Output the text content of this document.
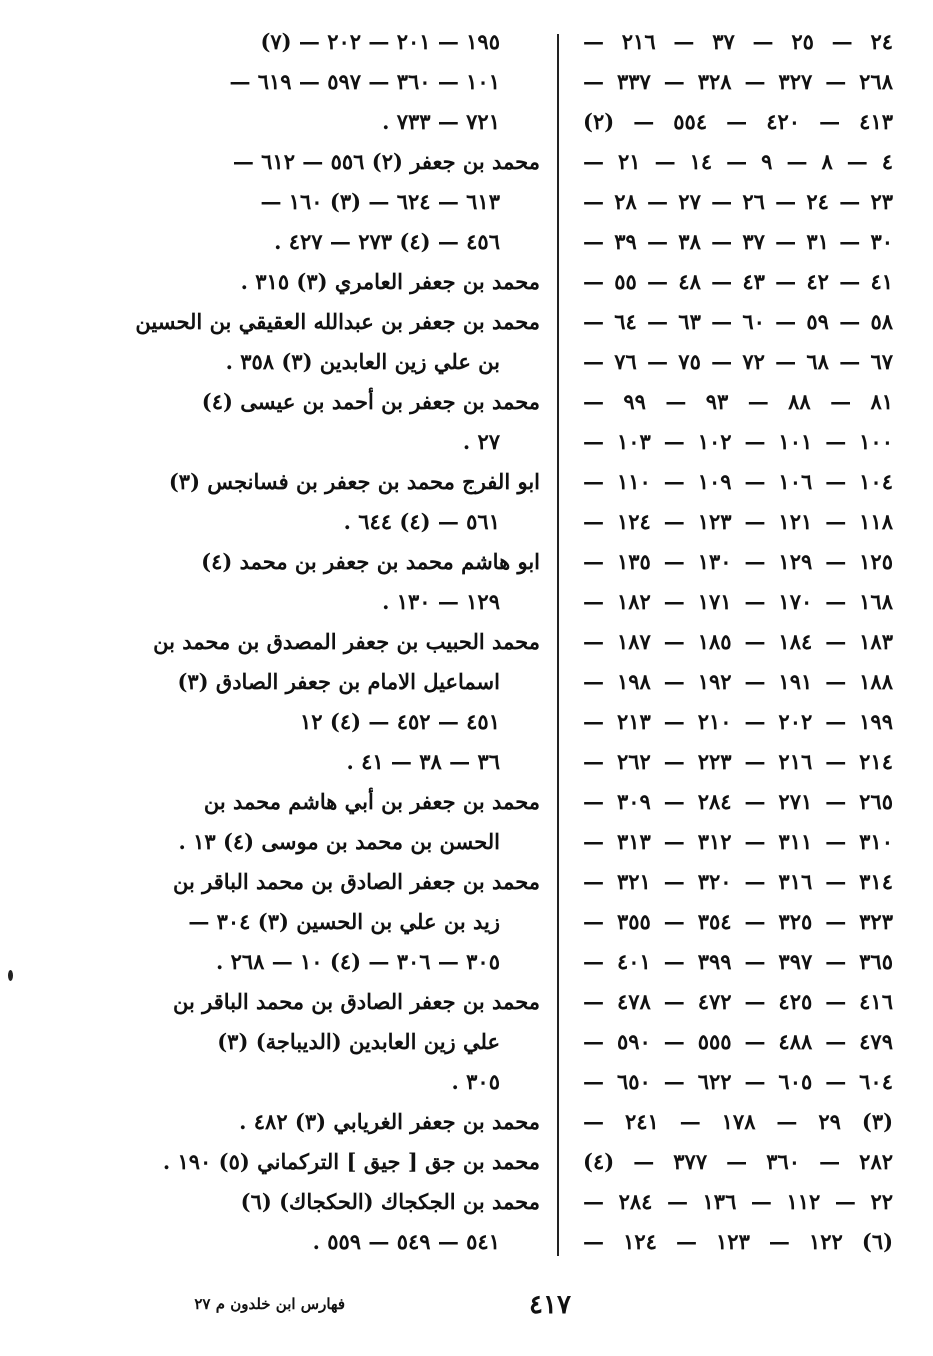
٢٤ — ٢٥ — ٣٧ — ٢١٦ —
٢٦٨ — ٣٢٧ — ٣٢٨ — ٣٣٧ —
٤١٣ — ٤٢٠ — ٥٥٤ — (٢)
٤ — ٨ — ٩ — ١٤ — ٢١ —
٢٣ — ٢٤ — ٢٦ — ٢٧ — ٢٨ —
٣٠ — ٣١ — ٣٧ — ٣٨ — ٣٩ —
٤١ — ٤٢ — ٤٣ — ٤٨ — ٥٥ —
٥٨ — ٥٩ — ٦٠ — ٦٣ — ٦٤ —
٦٧ — ٦٨ — ٧٢ — ٧٥ — ٧٦ —
٨١ — ٨٨ — ٩٣ — ٩٩ —
١٠٠ — ١٠١ — ١٠٢ — ١٠٣ —
١٠٤ — ١٠٦ — ١٠٩ — ١١٠ —
١١٨ — ١٢١ — ١٢٣ — ١٢٤ —
١٢٥ — ١٢٩ — ١٣٠ — ١٣٥ —
١٦٨ — ١٧٠ — ١٧١ — ١٨٢ —
١٨٣ — ١٨٤ — ١٨٥ — ١٨٧ —
١٨٨ — ١٩١ — ١٩٢ — ١٩٨ —
١٩٩ — ٢٠٢ — ٢١٠ — ٢١٣ —
٢١٤ — ٢١٦ — ٢٢٣ — ٢٦٢ —
٢٦٥ — ٢٧١ — ٢٨٤ — ٣٠٩ —
٣١٠ — ٣١١ — ٣١٢ — ٣١٣ —
٣١٤ — ٣١٦ — ٣٢٠ — ٣٢١ —
٣٢٣ — ٣٢٥ — ٣٥٤ — ٣٥٥ —
٣٦٥ — ٣٩٧ — ٣٩٩ — ٤٠١ —
٤١٦ — ٤٢٥ — ٤٧٢ — ٤٧٨ —
٤٧٩ — ٤٨٨ — ٥٥٥ — ٥٩٠ —
٦٠٤ — ٦٠٥ — ٦٢٢ — ٦٥٠ —
(٣) ٢٩ — ١٧٨ — ٢٤١ —
٢٨٢ — ٣٦٠ — ٣٧٧ — (٤)
٢٢ — ١١٢ — ١٣٦ — ٢٨٤ —
(٦) ١٢٢ — ١٢٣ — ١٢٤ —
١٩٥ — ٢٠١ — ٢٠٢ — (٧)
١٠١ — ٣٦٠ — ٥٩٧ — ٦١٩ —
٧٢١ — ٧٣٣ .
محمد بن جعفر (٢) ٥٥٦ — ٦١٢ —
٦١٣ — ٦٢٤ — (٣) ١٦٠ —
٤٥٦ — (٤) ٢٧٣ — ٤٢٧ .
محمد بن جعفر العامري (٣) ٣١٥ .
محمد بن جعفر بن عبدالله العقيقي بن الحسين
بن علي زين العابدين (٣) ٣٥٨ .
محمد بن جعفر بن أحمد بن عيسى (٤)
٢٧ .
ابو الفرج محمد بن جعفر بن فسانجس (٣)
٥٦١ — (٤) ٦٤٤ .
ابو هاشم محمد بن جعفر بن محمد (٤)
١٢٩ — ١٣٠ .
محمد الحبيب بن جعفر المصدق بن محمد بن
اسماعيل الامام بن جعفر الصادق (٣)
٤٥١ — ٤٥٢ — (٤) ١٢
٣٦ — ٣٨ — ٤١ .
محمد بن جعفر بن أبي هاشم محمد بن
الحسن بن محمد بن موسى (٤) ١٣ .
محمد بن جعفر الصادق بن محمد الباقر بن
زيد بن علي بن الحسين (٣) ٣٠٤ —
٣٠٥ — ٣٠٦ — (٤) ١٠ — ٢٦٨ .
محمد بن جعفر الصادق بن محمد الباقر بن
علي زين العابدين (الديباجة) (٣)
٣٠٥ .
محمد بن جعفر الغريابي (٣) ٤٨٢ .
محمد بن جق [ جيق ] التركماني (٥) ١٩٠ .
محمد بن الجكجاك (الحكجاك) (٦)
٥٤١ — ٥٤٩ — ٥٥٩ .
فهارس ابن خلدون م ٢٧	٤١٧
